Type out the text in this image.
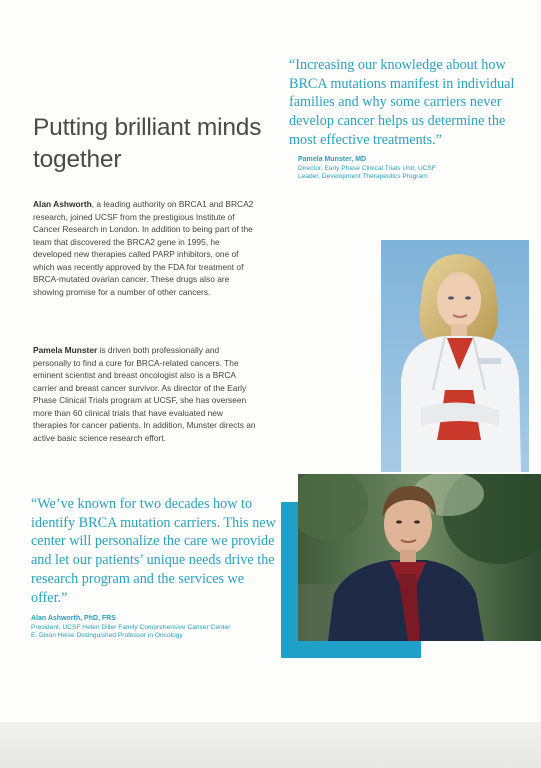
“Increasing our knowledge about how BRCA mutations manifest in individual families and why some carriers never develop cancer helps us determine the most effective treatments.”
Pamela Munster, MD
Director, Early Phase Clinical Trials Unit, UCSF
Leader, Development Therapeutics Program
Putting brilliant minds together

Alan Ashworth, a leading authority on BRCA1 and BRCA2 research, joined UCSF from the prestigious Institute of Cancer Research in London. In addition to being part of the team that discovered the BRCA2 gene in 1995, he developed new therapies called PARP inhibitors, one of which was recently approved by the FDA for treatment of BRCA-mutated ovarian cancer. These drugs also are showing promise for a number of other cancers.

Pamela Munster is driven both professionally and personally to find a cure for BRCA-related cancers. The eminent scientist and breast oncologist also is a BRCA carrier and breast cancer survivor. As director of the Early Phase Clinical Trials program at UCSF, she has overseen more than 60 clinical trials that have evaluated new therapies for cancer patients. In addition, Munster directs an active basic science research effort.

“We’ve known for two decades how to identify BRCA mutation carriers. This new center will personalize the care we provide and let our patients’ unique needs drive the research program and the services we offer.”
Alan Ashworth, PhD, FRS
President, UCSF Helen Diller Family Comprehensive Cancer Center
E. Dixon Heise Distinguished Professor in Oncology
